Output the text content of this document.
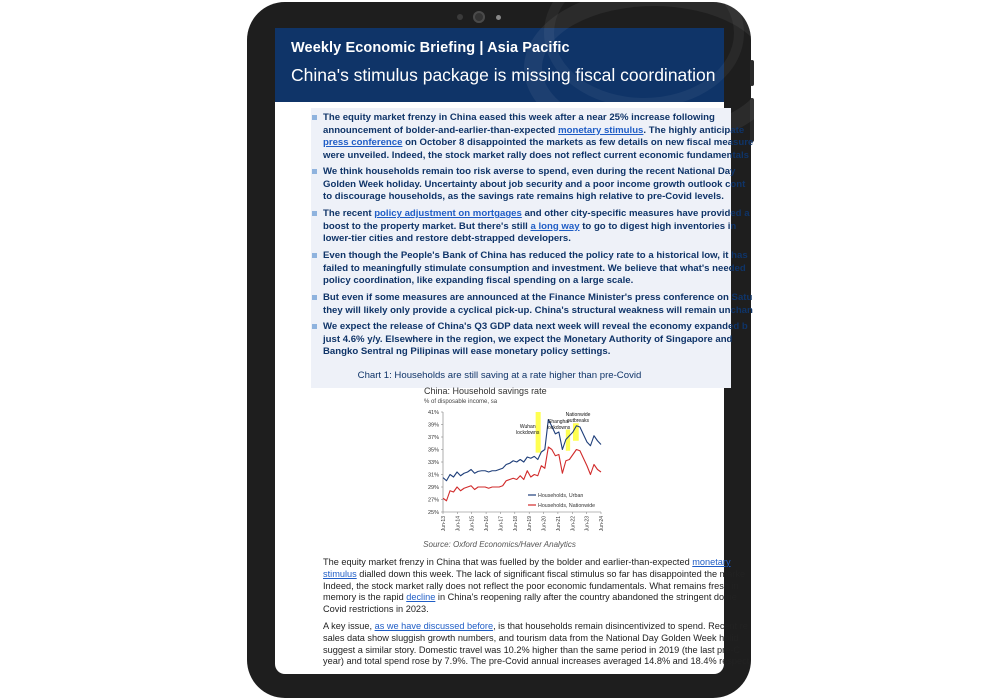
Weekly Economic Briefing | Asia Pacific
China's stimulus package is missing fiscal coordination
The equity market frenzy in China eased this week after a near 25% increase following
announcement of bolder-and-earlier-than-expected monetary stimulus. The highly anticipate
press conference on October 8 disappointed the markets as few details on new fiscal measure
were unveiled. Indeed, the stock market rally does not reflect current economic fundamentals
We think households remain too risk averse to spend, even during the recent National Day
Golden Week holiday. Uncertainty about job security and a poor income growth outlook cont
to discourage households, as the savings rate remains high relative to pre-Covid levels.
The recent policy adjustment on mortgages and other city-specific measures have provided a
boost to the property market. But there's still a long way to go to digest high inventories in
lower-tier cities and restore debt-strapped developers.
Even though the People's Bank of China has reduced the policy rate to a historical low, it has
failed to meaningfully stimulate consumption and investment. We believe that what's needed
policy coordination, like expanding fiscal spending on a large scale.
But even if some measures are announced at the Finance Minister's press conference on Satu
they will likely only provide a cyclical pick-up. China's structural weakness will remain unchan
We expect the release of China's Q3 GDP data next week will reveal the economy expanded b
just 4.6% y/y. Elsewhere in the region, we expect the Monetary Authority of Singapore and
Bangko Sentral ng Pilipinas will ease monetary policy settings.
Chart 1: Households are still saving at a rate higher than pre-Covid
China: Household savings rate
% of disposable income, sa
25%
27%
29%
31%
33%
35%
37%
39%
41%
Jun-13 Jun-14 Jun-15 Jun-16 Jun-17 Jun-18 Jun-19 Jun-20 Jun-21 Jun-22 Jun-23 Jun-24
Wuhan lockdowns
Shanghai lockdowns
Nationwide outbreaks
Households, Urban
Households, Nationwide
Source: Oxford Economics/Haver Analytics
The equity market frenzy in China that was fuelled by the bolder and earlier-than-expected monetary
stimulus dialled down this week. The lack of significant fiscal stimulus so far has disappointed the marke
Indeed, the stock market rally does not reflect the poor economic fundamentals. What remains fresh in
memory is the rapid decline in China's reopening rally after the country abandoned the stringent dome
Covid restrictions in 2023.
A key issue, as we have discussed before, is that households remain disincentivized to spend. Recent re
sales data show sluggish growth numbers, and tourism data from the National Day Golden Week holid
suggest a similar story. Domestic travel was 10.2% higher than the same period in 2019 (the last pre-C
year) and total spend rose by 7.9%. The pre-Covid annual increases averaged 14.8% and 18.4% respect
